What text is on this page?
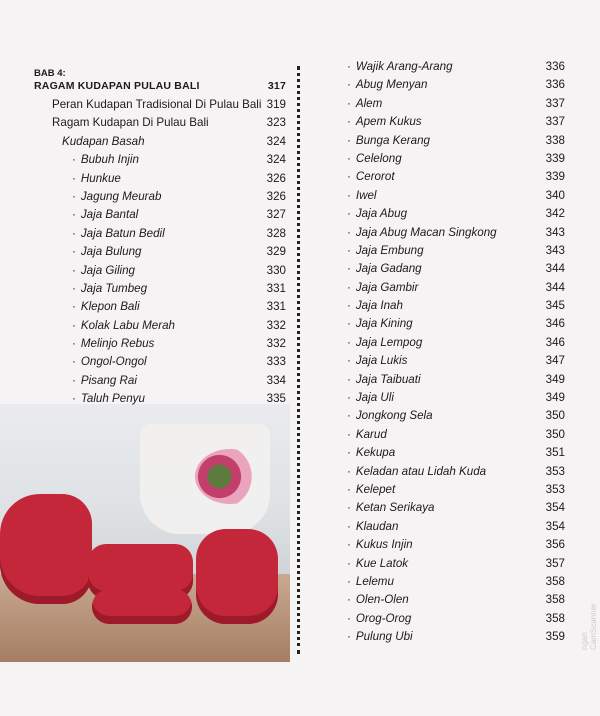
BAB 4:
RAGAM KUDAPAN PULAU BALI	317
Peran Kudapan Tradisional Di Pulau Bali 319
Ragam Kudapan Di Pulau Bali	323
Kudapan Basah	324
· Bubuh Injin	324
· Hunkue	326
· Jagung Meurab	326
· Jaja Bantal	327
· Jaja Batun Bedil	328
· Jaja Bulung	329
· Jaja Giling	330
· Jaja Tumbeg	331
· Klepon Bali	331
· Kolak Labu Merah	332
· Melinjo Rebus	332
· Ongol-Ongol	333
· Pisang Rai	334
· Taluh Penyu	335
· Wajik Arang-Arang	336
· Abug Menyan	336
· Alem	337
· Apem Kukus	337
· Bunga Kerang	338
· Celelong	339
· Cerorot	339
· Iwel	340
· Jaja Abug	342
· Jaja Abug Macan Singkong	343
· Jaja Embung	343
· Jaja Gadang	344
· Jaja Gambir	344
· Jaja Inah	345
· Jaja Kining	346
· Jaja Lempog	346
· Jaja Lukis	347
· Jaja Taibuati	349
· Jaja Uli	349
· Jongkong Sela	350
· Karud	350
· Kekupa	351
· Keladan atau Lidah Kuda	353
· Kelepet	353
· Ketan Serikaya	354
· Klaudan	354
· Kukus Injin	356
· Kue Latok	357
· Lelemu	358
· Olen-Olen	358
· Orog-Orog	358
· Pulung Ubi	359 ngan CamScanner
